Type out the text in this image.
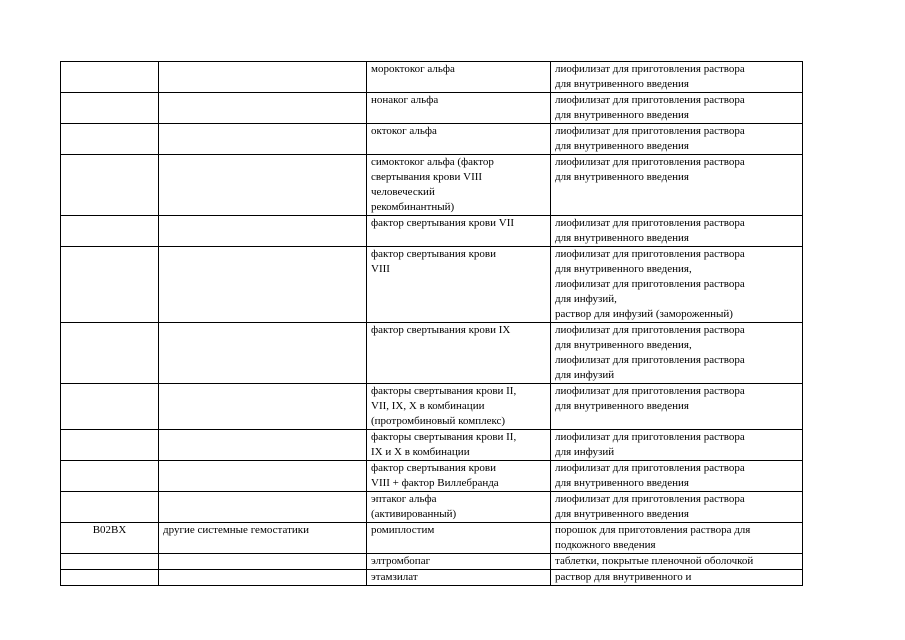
		мороктоког альфа	лиофилизат для приготовления раствора
для внутривенного введения
		нонаког альфа	лиофилизат для приготовления раствора
для внутривенного введения
		октоког альфа	лиофилизат для приготовления раствора
для внутривенного введения
		симоктоког альфа (фактор
свертывания крови VIII
человеческий
рекомбинантный)	лиофилизат для приготовления раствора
для внутривенного введения
		фактор свертывания крови VII	лиофилизат для приготовления раствора
для внутривенного введения
		фактор свертывания крови
VIII	лиофилизат для приготовления раствора
для внутривенного введения,
лиофилизат для приготовления раствора
для инфузий,
раствор для инфузий (замороженный)
		фактор свертывания крови IX	лиофилизат для приготовления раствора
для внутривенного введения,
лиофилизат для приготовления раствора
для инфузий
		факторы свертывания крови II,
VII, IX, X в комбинации
(протромбиновый комплекс)	лиофилизат для приготовления раствора
для внутривенного введения
		факторы свертывания крови II,
IX и X в комбинации	лиофилизат для приготовления раствора
для инфузий
		фактор свертывания крови
VIII + фактор Виллебранда	лиофилизат для приготовления раствора
для внутривенного введения
		эптаког альфа
(активированный)	лиофилизат для приготовления раствора
для внутривенного введения
B02BX	другие системные гемостатики	ромиплостим	порошок для приготовления раствора для
подкожного введения
		элтромбопаг	таблетки, покрытые пленочной оболочкой
		этамзилат	раствор для внутривенного и
